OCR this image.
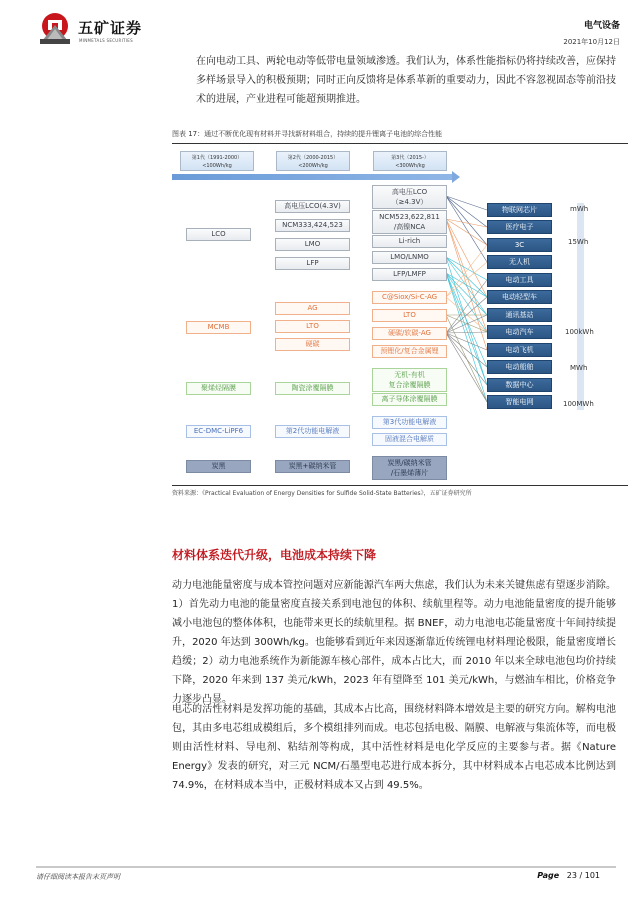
五矿证券
MINMETALS SECURITIES
电气设备
2021年10月12日
在向电动工具、两轮电动等低带电量领域渗透。我们认为，体系性能指标仍将持续改善，应保持多样场景导入的积极预期；同时正向反馈将是体系革新的重要动力，因此不容忽视固态等前沿技术的进展，产业进程可能超预期推进。
图表 17：通过不断优化现有材料并寻找新材料组合，持续的提升锂离子电池的综合性能
第1代（1991-2000）
<100Wh/kg
第2代（2000-2015）
<200Wh/kg
第3代（2015-）
<300Wh/kg
LCO
MCMB
聚烯烃隔膜
EC-DMC-LiPF6
炭黑
高电压LCO(4.3V)
NCM333,424,523
LMO
LFP
AG
LTO
硬碳
陶瓷涂覆隔膜
第2代功能电解液
炭黑+碳纳米管
高电压LCO
（≥4.3V）
NCM523,622,811
/高镍NCA
Li-rich
LMO/LNMO
LFP/LMFP
C@Siox/Si-C-AG
LTO
硬碳/软碳-AG
预锂化/复合金属锂
无机-有机
复合涂覆隔膜
离子导体涂覆隔膜
第3代功能电解液
固液混合电解质
炭黑/碳纳米管
/石墨烯薄片
物联网芯片
医疗电子
3C
无人机
电动工具
电动轻型车
通讯基站
电动汽车
电动飞机
电动船舶
数据中心
智能电网
mWh
15Wh
100kWh
MWh
100MWh
资料来源：《Practical Evaluation of Energy Densities for Sulfide Solid-State Batteries》，五矿证券研究所
材料体系迭代升级，电池成本持续下降
动力电池能量密度与成本管控问题对应新能源汽车两大焦虑，我们认为未来关键焦虑有望逐步消除。1）首先动力电池的能量密度直接关系到电池包的体积、续航里程等。动力电池能量密度的提升能够减小电池包的整体体积，也能带来更长的续航里程。据 BNEF，动力电池电芯能量密度十年间持续提升，2020 年达到 300Wh/kg。也能够看到近年来因逐渐靠近传统锂电材料理论极限，能量密度增长趋缓；2）动力电池系统作为新能源车核心部件，成本占比大，而 2010 年以来全球电池包均价持续下降，2020 年来到 137 美元/kWh，2023 年有望降至 101 美元/kWh，与燃油车相比，价格竞争力逐步凸显。
电芯的活性材料是发挥功能的基础，其成本占比高，围绕材料降本增效是主要的研究方向。解构电池包，其由多电芯组成模组后，多个模组排列而成。电芯包括电极、隔膜、电解液与集流体等，而电极则由活性材料、导电剂、粘结剂等构成，其中活性材料是电化学反应的主要参与者。据《Nature Energy》发表的研究，对三元 NCM/石墨型电芯进行成本拆分，其中材料成本占电芯成本比例达到 74.9%，在材料成本当中，正极材料成本又占到 49.5%。
请仔细阅读本报告末页声明	Page 23 / 101
